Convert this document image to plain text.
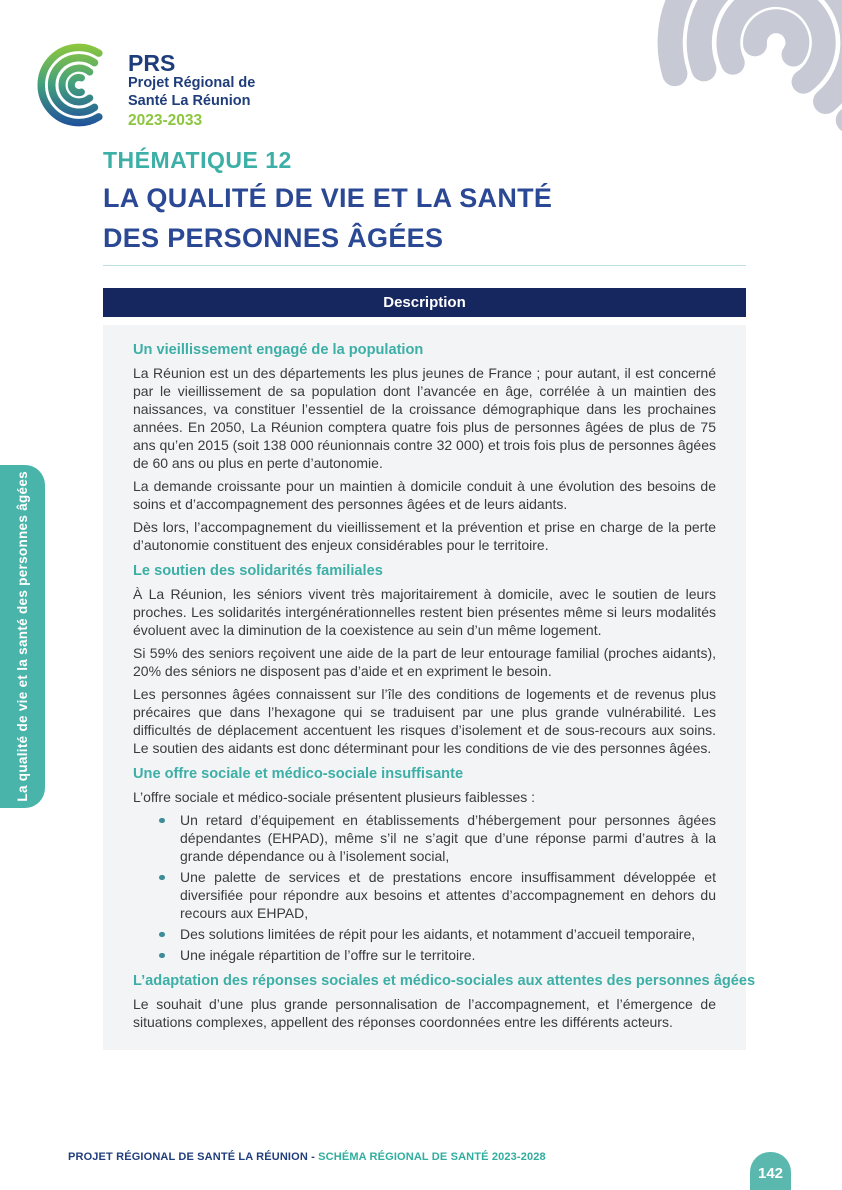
PRS
Projet Régional de
Santé La Réunion
2023-2033
THÉMATIQUE 12
LA QUALITÉ DE VIE ET LA SANTÉ
DES PERSONNES ÂGÉES
Description
Un vieillissement engagé de la population

La Réunion est un des départements les plus jeunes de France ; pour autant, il est concerné par le vieillissement de sa population dont l’avancée en âge, corrélée à un maintien des naissances, va constituer l’essentiel de la croissance démographique dans les prochaines années. En 2050, La Réunion comptera quatre fois plus de personnes âgées de plus de 75 ans qu’en 2015 (soit 138 000 réunionnais contre 32 000) et trois fois plus de personnes âgées de 60 ans ou plus en perte d’autonomie.

La demande croissante pour un maintien à domicile conduit à une évolution des besoins de soins et d’accompagnement des personnes âgées et de leurs aidants.

Dès lors, l’accompagnement du vieillissement et la prévention et prise en charge de la perte d’autonomie constituent des enjeux considérables pour le territoire.

Le soutien des solidarités familiales

À La Réunion, les séniors vivent très majoritairement à domicile, avec le soutien de leurs proches. Les solidarités intergénérationnelles restent bien présentes même si leurs modalités évoluent avec la diminution de la coexistence au sein d’un même logement.

Si 59% des seniors reçoivent une aide de la part de leur entourage familial (proches aidants), 20% des séniors ne disposent pas d’aide et en expriment le besoin.

Les personnes âgées connaissent sur l’île des conditions de logements et de revenus plus précaires que dans l’hexagone qui se traduisent par une plus grande vulnérabilité. Les difficultés de déplacement accentuent les risques d’isolement et de sous-recours aux soins. Le soutien des aidants est donc déterminant pour les conditions de vie des personnes âgées.

Une offre sociale et médico-sociale insuffisante

L’offre sociale et médico-sociale présentent plusieurs faiblesses :

Un retard d’équipement en établissements d’hébergement pour personnes âgées dépendantes (EHPAD), même s’il ne s’agit que d’une réponse parmi d’autres à la grande dépendance ou à l’isolement social,
Une palette de services et de prestations encore insuffisamment développée et diversifiée pour répondre aux besoins et attentes d’accompagnement en dehors du recours aux EHPAD,
Des solutions limitées de répit pour les aidants, et notamment d’accueil temporaire,
Une inégale répartition de l’offre sur le territoire.
L’adaptation des réponses sociales et médico-sociales aux attentes des personnes âgées

Le souhait d’une plus grande personnalisation de l’accompagnement, et l’émergence de situations complexes, appellent des réponses coordonnées entre les différents acteurs.

La qualité de vie et la santé des personnes âgées
PROJET RÉGIONAL DE SANTÉ LA RÉUNION - SCHÉMA RÉGIONAL DE SANTÉ 2023-2028
142
